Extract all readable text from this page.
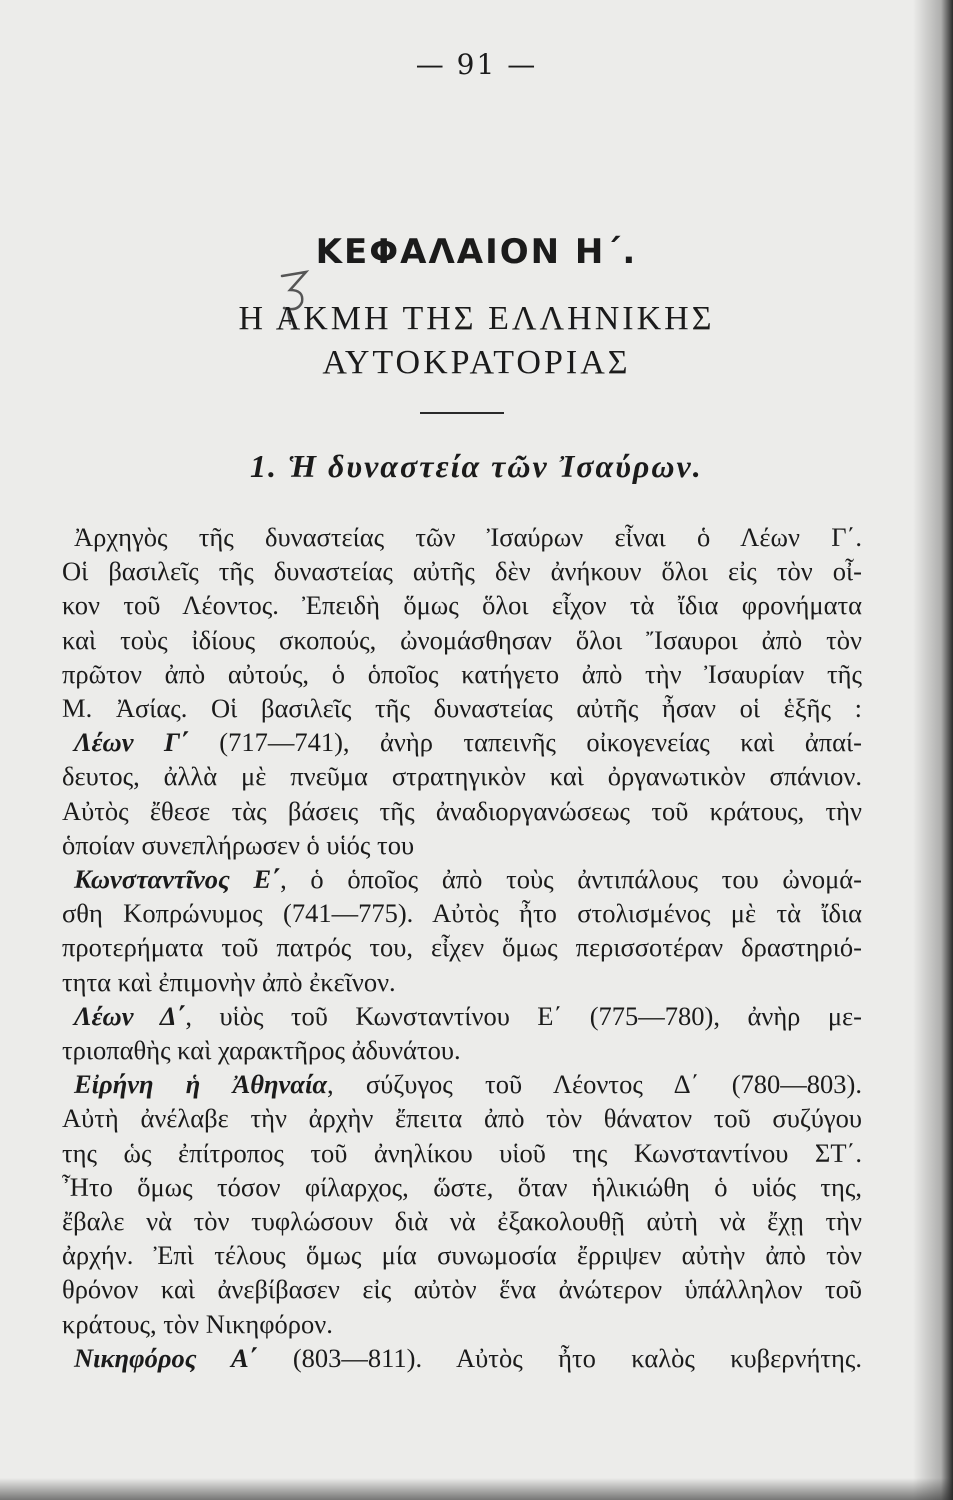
— 91 —
ΚΕΦΑΛΑΙΟΝ Η΄.
Η ΑΚΜΗ ΤΗΣ ΕΛΛΗΝΙΚΗΣ
ΑΥΤΟΚΡΑΤΟΡΙΑΣ
1. Ἡ δυναστεία τῶν Ἰσαύρων.
Ἀρχηγὸς τῆς δυναστείας τῶν Ἰσαύρων εἶναι ὁ Λέων Γ΄.
Οἱ βασιλεῖς τῆς δυναστείας αὐτῆς δὲν ἀνήκουν ὅλοι εἰς τὸν οἶ-
κον τοῦ Λέοντος. Ἐπειδὴ ὅμως ὅλοι εἶχον τὰ ἴδια φρονήματα
καὶ τοὺς ἰδίους σκοπούς, ὠνομάσθησαν ὅλοι Ἴσαυροι ἀπὸ τὸν
πρῶτον ἀπὸ αὐτούς, ὁ ὁποῖος κατήγετο ἀπὸ τὴν Ἰσαυρίαν τῆς
Μ. Ἀσίας. Οἱ βασιλεῖς τῆς δυναστείας αὐτῆς ἦσαν οἱ ἑξῆς :
Λέων Γ΄ (717—741), ἀνὴρ ταπεινῆς οἰκογενείας καὶ ἀπαί-
δευτος, ἀλλὰ μὲ πνεῦμα στρατηγικὸν καὶ ὀργανωτικὸν σπάνιον.
Αὐτὸς ἔθεσε τὰς βάσεις τῆς ἀναδιοργανώσεως τοῦ κράτους, τὴν
ὁποίαν συνεπλήρωσεν ὁ υἱός του
Κωνσταντῖνος Ε΄, ὁ ὁποῖος ἀπὸ τοὺς ἀντιπάλους του ὠνομά-
σθη Κοπρώνυμος (741—775). Αὐτὸς ἦτο στολισμένος μὲ τὰ ἴδια
προτερήματα τοῦ πατρός του, εἶχεν ὅμως περισσοτέραν δραστηριό-
τητα καὶ ἐπιμονὴν ἀπὸ ἐκεῖνον.
Λέων Δ΄, υἱὸς τοῦ Κωνσταντίνου Ε΄ (775—780), ἀνὴρ με-
τριοπαθὴς καὶ χαρακτῆρος ἀδυνάτου.
Εἰρήνη ἡ Ἀθηναία, σύζυγος τοῦ Λέοντος Δ΄ (780—803).
Αὐτὴ ἀνέλαβε τὴν ἀρχὴν ἔπειτα ἀπὸ τὸν θάνατον τοῦ συζύγου
της ὡς ἐπίτροπος τοῦ ἀνηλίκου υἱοῦ της Κωνσταντίνου ΣΤ΄.
Ἦτο ὅμως τόσον φίλαρχος, ὥστε, ὅταν ἡλικιώθη ὁ υἱός της,
ἔβαλε νὰ τὸν τυφλώσουν διὰ νὰ ἐξακολουθῇ αὐτὴ νὰ ἔχῃ τὴν
ἀρχήν. Ἐπὶ τέλους ὅμως μία συνωμοσία ἔρριψεν αὐτὴν ἀπὸ τὸν
θρόνον καὶ ἀνεβίβασεν εἰς αὐτὸν ἕνα ἀνώτερον ὑπάλληλον τοῦ
κράτους, τὸν Νικηφόρον.
Νικηφόρος Α΄ (803—811). Αὐτὸς ἦτο καλὸς κυβερνήτης.
